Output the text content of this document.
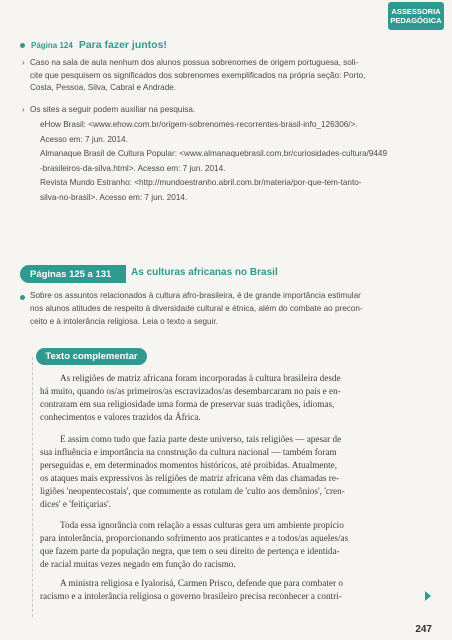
ASSESSORIA
PEDAGÓGICA
Página 124 Para fazer juntos!
› Caso na sala de aula nenhum dos alunos possua sobrenomes de origem portuguesa, soli-
cite que pesquisem os significados dos sobrenomes exemplificados na própria seção: Porto,
Costa, Pessoa, Silva, Cabral e Andrade.
› Os sites a seguir podem auxiliar na pesquisa.
eHow Brasil: <www.ehow.com.br/origem-sobrenomes-recorrentes-brasil-info_126306/>.
Acesso em: 7 jun. 2014.
Almanaque Brasil de Cultura Popular: <www.almanaquebrasil.com.br/curiosidades-cultura/9449
-brasileiros-da-silva.html>. Acesso em: 7 jun. 2014.
Revista Mundo Estranho: <http://mundoestranho.abril.com.br/materia/por-que-tem-tanto-
silva-no-brasil>. Acesso em: 7 jun. 2014.
Páginas 125 a 131 As culturas africanas no Brasil
Sobre os assuntos relacionados à cultura afro-brasileira, é de grande importância estimular
nos alunos atitudes de respeito à diversidade cultural e étnica, além do combate ao precon-
ceito e à intolerância religiosa. Leia o texto a seguir.
Texto complementar
As religiões de matriz africana foram incorporadas à cultura brasileira desde
há muito, quando os/as primeiros/as escravizados/as desembarcaram no país e en-
contraram em sua religiosidade uma forma de preservar suas tradições, idiomas,
conhecimentos e valores trazidos da África.
E assim como tudo que fazia parte deste universo, tais religiões — apesar de
sua influência e importância na construção da cultura nacional — também foram
perseguidas e, em determinados momentos históricos, até proibidas. Atualmente,
os ataques mais expressivos às religiões de matriz africana vêm das chamadas re-
ligiões 'neopentecostais', que comumente as rotulam de 'culto aos demônios', 'cren-
dices' e 'feitiçarias'.
Toda essa ignorância com relação a essas culturas gera um ambiente propício
para intolerância, proporcionando sofrimento aos praticantes e a todos/as aqueles/as
que fazem parte da população negra, que tem o seu direito de pertença e identida-
de racial muitas vezes negado em função do racismo.
A ministra religiosa e Iyalorisá, Carmen Prisco, defende que para combater o
racismo e a intolerância religiosa o governo brasileiro precisa reconhecer a contri-
247
